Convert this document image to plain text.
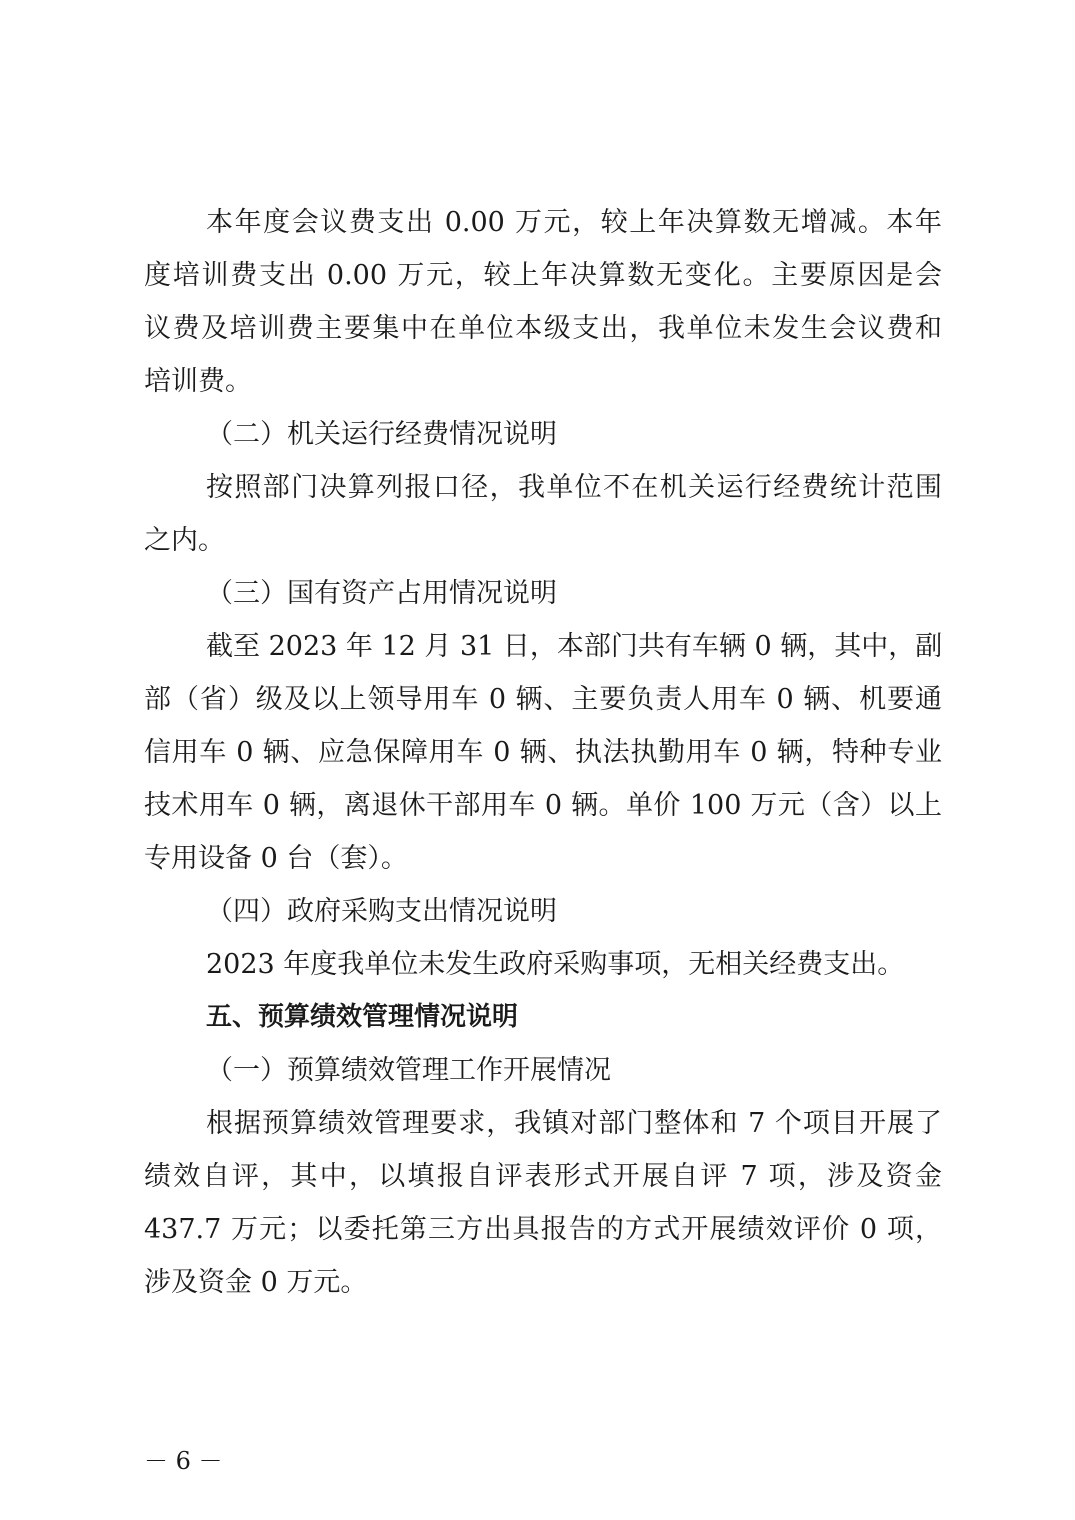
本年度会议费支出 0.00 万元，较上年决算数无增减。本年
度培训费支出 0.00 万元，较上年决算数无变化。主要原因是会
议费及培训费主要集中在单位本级支出，我单位未发生会议费和
培训费。
（二）机关运行经费情况说明
按照部门决算列报口径，我单位不在机关运行经费统计范围
之内。
（三）国有资产占用情况说明
截至 2023 年 12 月 31 日，本部门共有车辆 0 辆，其中，副
部（省）级及以上领导用车 0 辆、主要负责人用车 0 辆、机要通
信用车 0 辆、应急保障用车 0 辆、执法执勤用车 0 辆，特种专业
技术用车 0 辆，离退休干部用车 0 辆。单价 100 万元（含）以上
专用设备 0 台（套）。
（四）政府采购支出情况说明
2023 年度我单位未发生政府采购事项，无相关经费支出。
五、预算绩效管理情况说明
（一）预算绩效管理工作开展情况
根据预算绩效管理要求，我镇对部门整体和 7 个项目开展了
绩效自评，其中，以填报自评表形式开展自评 7 项，涉及资金
437.7 万元；以委托第三方出具报告的方式开展绩效评价 0 项，
涉及资金 0 万元。
－ 6 －
